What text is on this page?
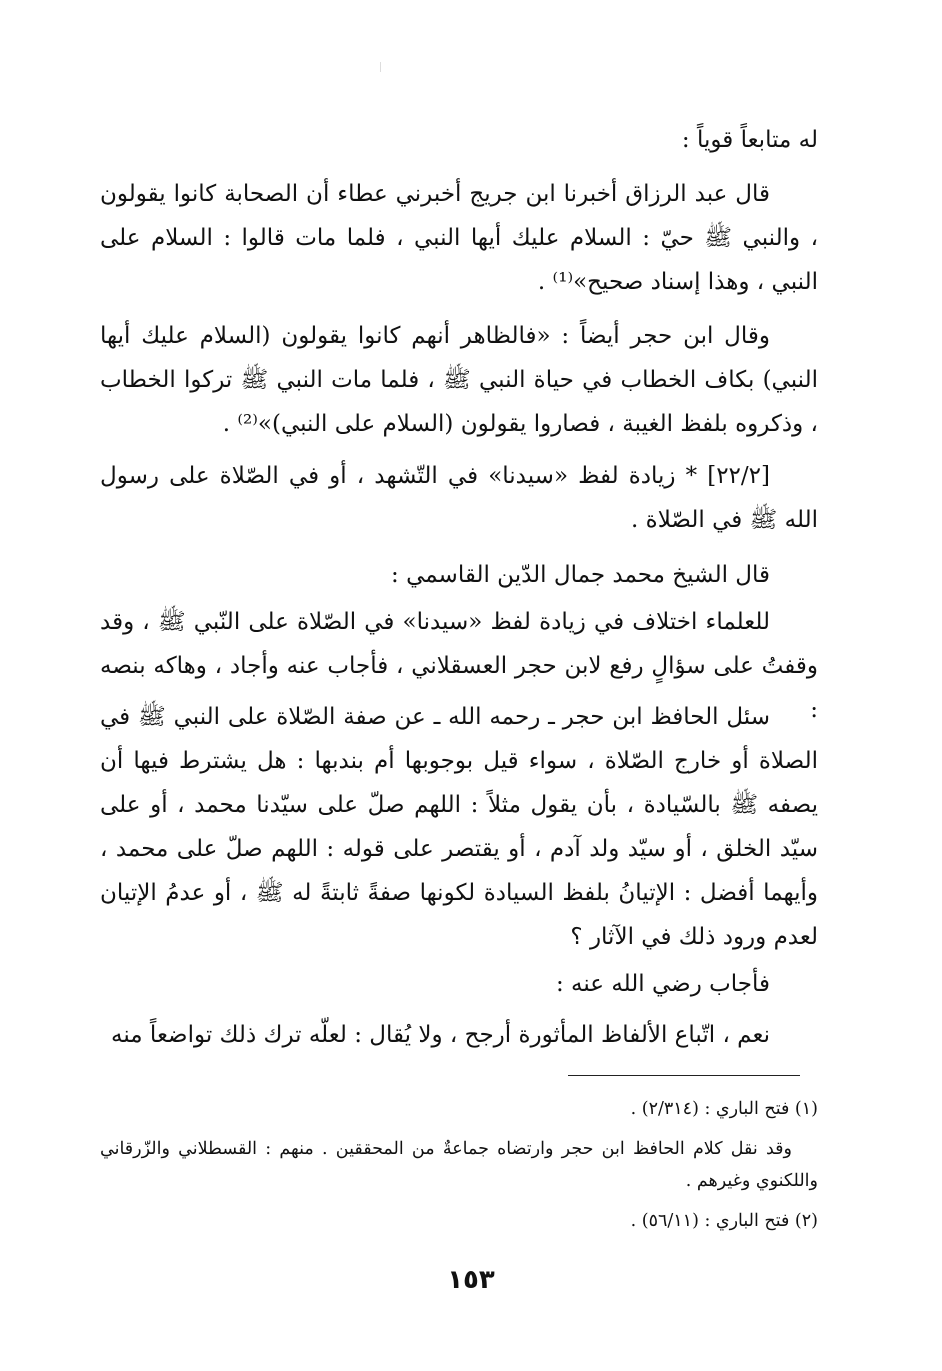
له متابعاً قوياً :

قال عبد الرزاق أخبرنا ابن جريج أخبرني عطاء أن الصحابة كانوا يقولون ، والنبي ﷺ حيّ : السلام عليك أيها النبي ، فلما مات قالوا : السلام على النبي ، وهذا إسناد صحيح»⁽¹⁾ .

وقال ابن حجر أيضاً : «فالظاهر أنهم كانوا يقولون (السلام عليك أيها النبي) بكاف الخطاب في حياة النبي ﷺ ، فلما مات النبي ﷺ تركوا الخطاب ، وذكروه بلفظ الغيبة ، فصاروا يقولون (السلام على النبي)»⁽²⁾ .

[٢٢/٢] * زيادة لفظ «سيدنا» في التّشهد ، أو في الصّلاة على رسول الله ﷺ في الصّلاة .

قال الشيخ محمد جمال الدّين القاسمي :

للعلماء اختلاف في زيادة لفظ «سيدنا» في الصّلاة على النّبي ﷺ ، وقد وقفتُ على سؤالٍ رفع لابن حجر العسقلاني ، فأجاب عنه وأجاد ، وهاكه بنصه :

سئل الحافظ ابن حجر ـ رحمه الله ـ عن صفة الصّلاة على النبي ﷺ في الصلاة أو خارج الصّلاة ، سواء قيل بوجوبها أم بندبها : هل يشترط فيها أن يصفه ﷺ بالسّيادة ، بأن يقول مثلاً : اللهم صلّ على سيّدنا محمد ، أو على سيّد الخلق ، أو سيّد ولد آدم ، أو يقتصر على قوله : اللهم صلّ على محمد ، وأيهما أفضل : الإتيانُ بلفظ السيادة لكونها صفةً ثابتةً له ﷺ ، أو عدمُ الإتيان لعدم ورود ذلك في الآثار ؟

فأجاب رضي الله عنه :

نعم ، اتّباع الألفاظ المأثورة أرجح ، ولا يُقال : لعلّه ترك ذلك تواضعاً منه

(١) فتح الباري : (٢/٣١٤) .

وقد نقل كلام الحافظ ابن حجر وارتضاه جماعةٌ من المحققين . منهم : القسطلاني والزّرقاني واللكنوي وغيرهم .

(٢) فتح الباري : (٥٦/١١) .

١٥٣
